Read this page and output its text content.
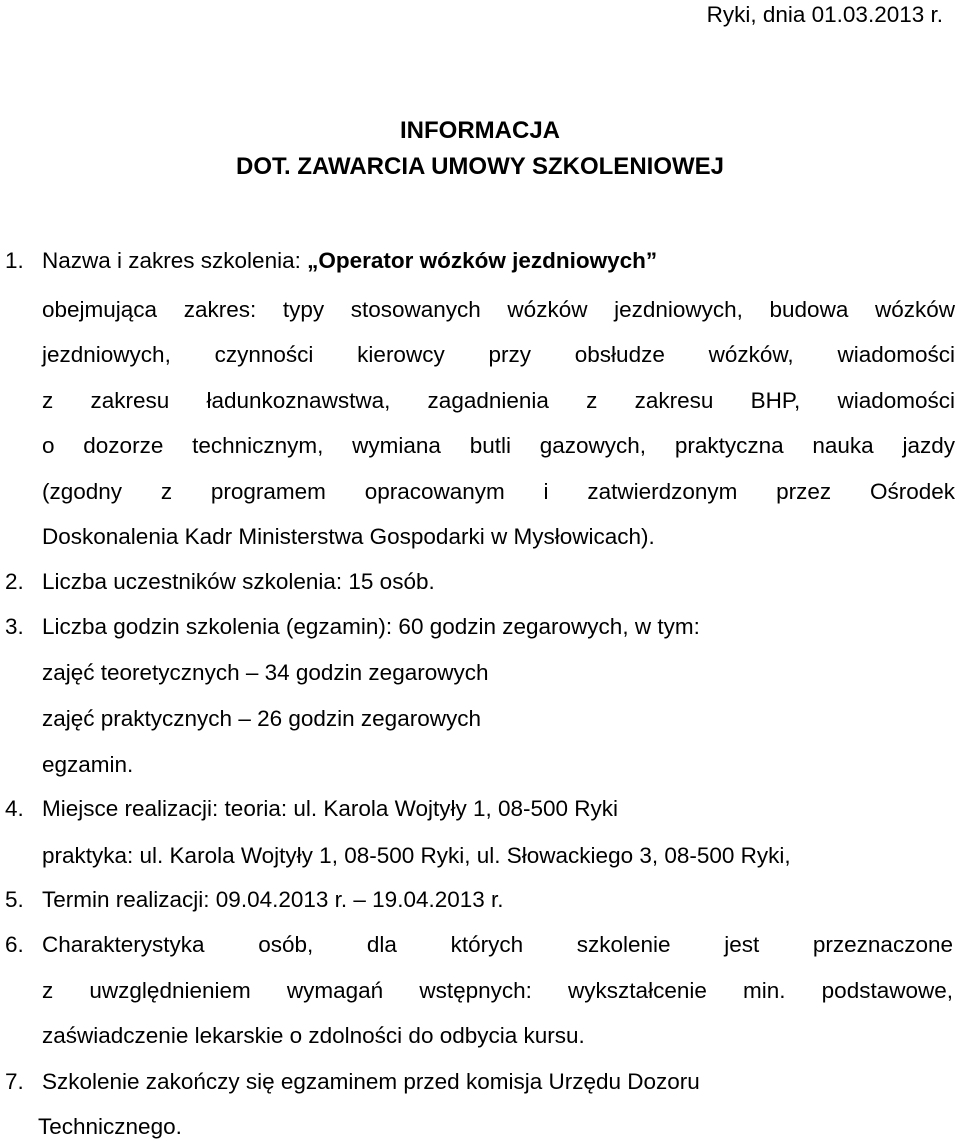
Ryki, dnia 01.03.2013 r.
INFORMACJA
DOT. ZAWARCIA UMOWY SZKOLENIOWEJ
1. Nazwa i zakres szkolenia: „Operator wózków jezdniowych”
obejmująca zakres: typy stosowanych wózków jezdniowych, budowa wózków
jezdniowych, czynności kierowcy przy obsłudze wózków, wiadomości
z zakresu ładunkoznawstwa, zagadnienia z zakresu BHP, wiadomości
o dozorze technicznym, wymiana butli gazowych, praktyczna nauka jazdy
(zgodny z programem opracowanym i zatwierdzonym przez Ośrodek
Doskonalenia Kadr Ministerstwa Gospodarki w Mysłowicach).
2. Liczba uczestników szkolenia: 15 osób.
3. Liczba godzin szkolenia (egzamin): 60 godzin zegarowych, w tym:
zajęć teoretycznych – 34 godzin zegarowych
zajęć praktycznych – 26 godzin zegarowych
egzamin.
4. Miejsce realizacji: teoria: ul. Karola Wojtyły 1, 08-500 Ryki
praktyka: ul. Karola Wojtyły 1, 08-500 Ryki, ul. Słowackiego 3, 08-500 Ryki,
5. Termin realizacji: 09.04.2013 r. – 19.04.2013 r.
6. Charakterystyka osób, dla których szkolenie jest przeznaczone
z uwzględnieniem wymagań wstępnych: wykształcenie min. podstawowe,
zaświadczenie lekarskie o zdolności do odbycia kursu.
7. Szkolenie zakończy się egzaminem przed komisja Urzędu Dozoru
Technicznego.
